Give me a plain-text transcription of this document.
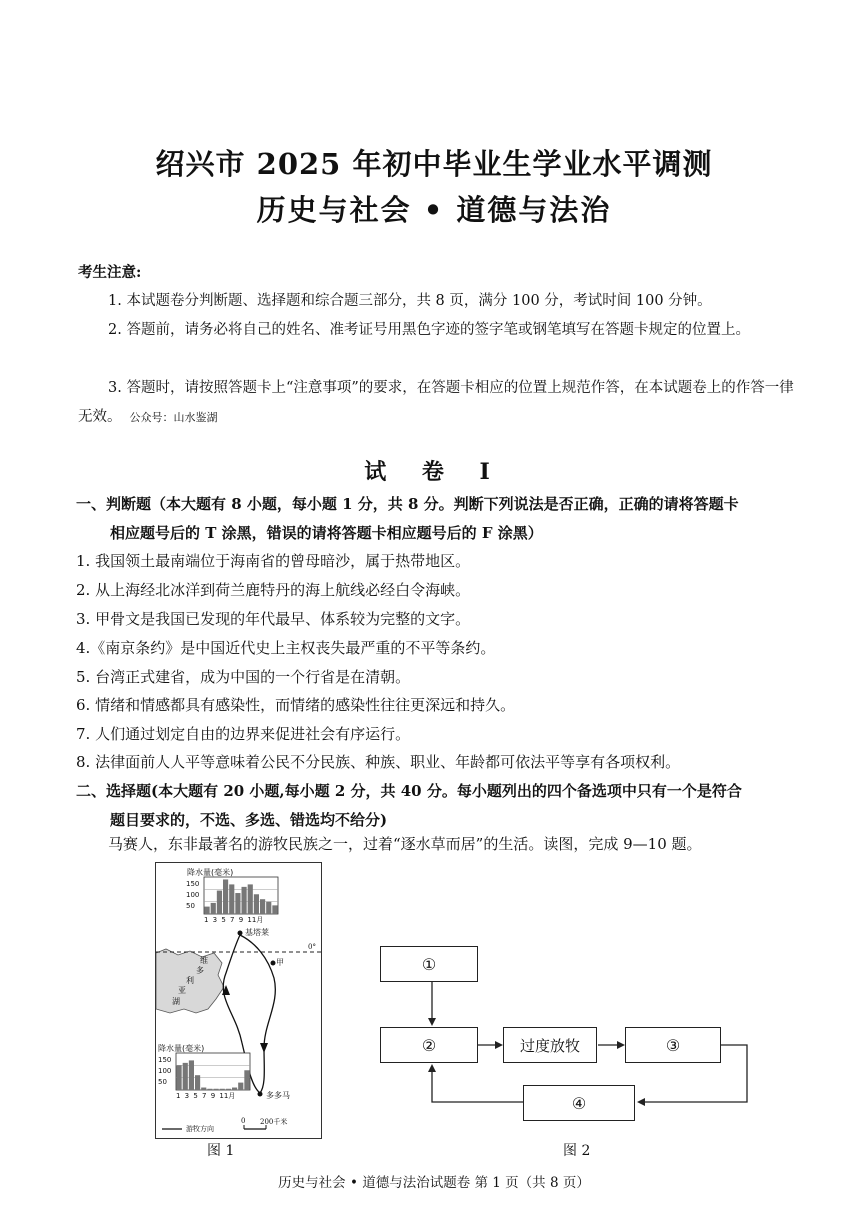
绍兴市 2025 年初中毕业生学业水平调测
历史与社会 • 道德与法治
考生注意:
1. 本试题卷分判断题、选择题和综合题三部分，共 8 页，满分 100 分，考试时间 100 分钟。
2. 答题前，请务必将自己的姓名、准考证号用黑色字迹的签字笔或钢笔填写在答题卡规定的位置上。
3. 答题时，请按照答题卡上“注意事项”的要求，在答题卡相应的位置上规范作答，在本试题卷上的作答一律无效。 公众号：山水鉴湖
试 卷 I
一、判断题（本大题有 8 小题，每小题 1 分，共 8 分。判断下列说法是否正确，正确的请将答题卡
相应题号后的 T 涂黑，错误的请将答题卡相应题号后的 F 涂黑）
1. 我国领土最南端位于海南省的曾母暗沙，属于热带地区。
2. 从上海经北冰洋到荷兰鹿特丹的海上航线必经白令海峡。
3. 甲骨文是我国已发现的年代最早、体系较为完整的文字。
4.《南京条约》是中国近代史上主权丧失最严重的不平等条约。
5. 台湾正式建省，成为中国的一个行省是在清朝。
6. 情绪和情感都具有感染性，而情绪的感染性往往更深远和持久。
7. 人们通过划定自由的边界来促进社会有序运行。
8. 法律面前人人平等意味着公民不分民族、种族、职业、年龄都可依法平等享有各项权利。
二、选择题(本大题有 20 小题,每小题 2 分，共 40 分。每小题列出的四个备选项中只有一个是符合
题目要求的，不选、多选、错选均不给分)
马赛人，东非最著名的游牧民族之一，过着“逐水草而居”的生活。读图，完成 9—10 题。
降水量(毫米)
150
100
50
1 3 5 7 9 11月
降水量(毫米)
150
100
50
1 3 5 7 9 11月
基塔莱
甲
多多马
0°
维
多
利
亚
湖
游牧方向
0 200千米
图 1
①
②	过度放牧	③
④
图 2
历史与社会 • 道德与法治试题卷 第 1 页（共 8 页）
